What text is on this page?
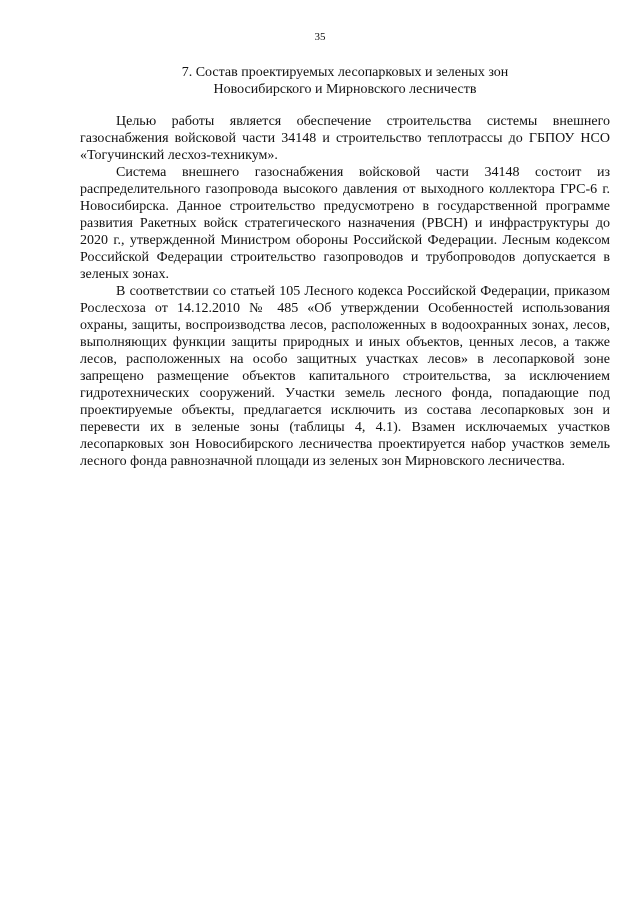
35
7. Состав проектируемых лесопарковых и зеленых зон
Новосибирского и Мирновского лесничеств

Целью работы является обеспечение строительства системы внешнего газоснабжения войсковой части 34148 и строительство теплотрассы до ГБПОУ НСО «Тогучинский лесхоз-техникум».

Система внешнего газоснабжения войсковой части 34148 состоит из распределительного газопровода высокого давления от выходного коллектора ГРС-6 г. Новосибирска. Данное строительство предусмотрено в государственной программе развития Ракетных войск стратегического назначения (РВСН) и инфраструктуры до 2020 г., утвержденной Министром обороны Российской Федерации. Лесным кодексом Российской Федерации строительство газопроводов и трубопроводов допускается в зеленых зонах.

В соответствии со статьей 105 Лесного кодекса Российской Федерации, приказом Рослесхоза от 14.12.2010 № 485 «Об утверждении Особенностей использования охраны, защиты, воспроизводства лесов, расположенных в водоохранных зонах, лесов, выполняющих функции защиты природных и иных объектов, ценных лесов, а также лесов, расположенных на особо защитных участках лесов» в лесопарковой зоне запрещено размещение объектов капитального строительства, за исключением гидротехнических сооружений. Участки земель лесного фонда, попадающие под проектируемые объекты, предлагается исключить из состава лесопарковых зон и перевести их в зеленые зоны (таблицы 4, 4.1). Взамен исключаемых участков лесопарковых зон Новосибирского лесничества проектируется набор участков земель лесного фонда равнозначной площади из зеленых зон Мирновского лесничества.
